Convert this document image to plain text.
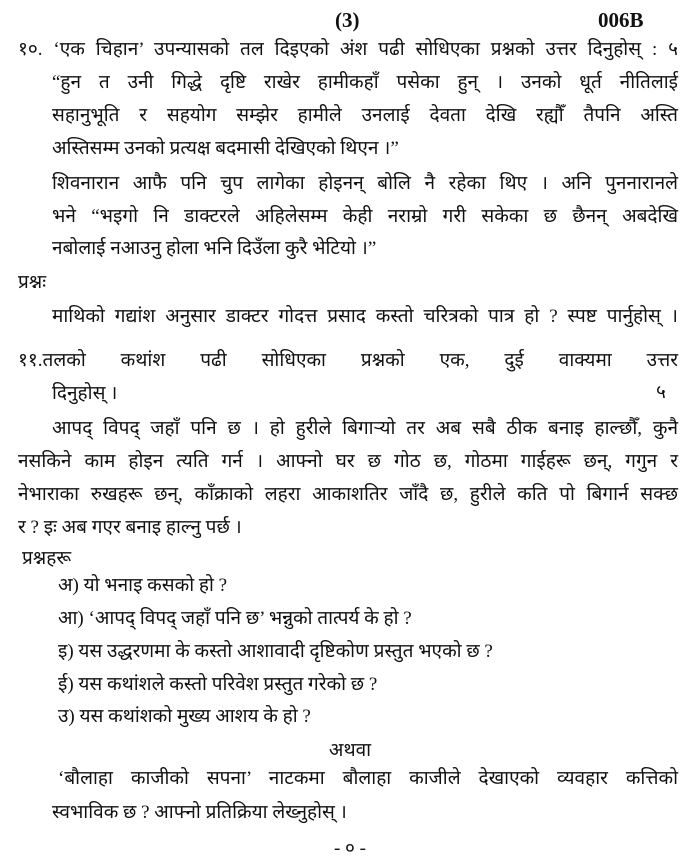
(3)	006B
१०. ‘एक चिहान’ उपन्यासको तल दिइएको अंश पढी सोधिएका प्रश्नको उत्तर दिनुहोस् : ५
“हुन त उनी गिद्धे दृष्टि राखेर हामीकहाँ पसेका हुन् । उनको धूर्त नीतिलाई
सहानुभूति र सहयोग सम्झेर हामीले उनलाई देवता देखि रह्यौँ तैपनि अस्ति
अस्तिसम्म उनको प्रत्यक्ष बदमासी देखिएको थिएन ।”
शिवनारान आफै पनि चुप लागेका होइनन् बोलि नै रहेका थिए । अनि पुननारानले
भने “भइगो नि डाक्टरले अहिलेसम्म केही नराम्रो गरी सकेका छ छैनन् अबदेखि
नबोलाई नआउनु होला भनि दिउँला कुरै भेटियो ।”
प्रश्नः
माथिको गद्यांश अनुसार डाक्टर गोदत्त प्रसाद कस्तो चरित्रको पात्र हो ? स्पष्ट पार्नुहोस् ।
११.तलको कथांश पढी सोधिएका प्रश्नको एक, दुई वाक्यमा उत्तर
दिनुहोस् ।
आपद् विपद् जहाँ पनि छ । हो हुरीले बिगाऱ्यो तर अब सबै ठीक बनाइ हाल्छौँ, कुनै
नसकिने काम होइन त्यति गर्न । आफ्नो घर छ गोठ छ, गोठमा गाईहरू छन्, गगुन र
नेभाराका रुखहरू छन्, काँक्राको लहरा आकाशतिर जाँदै छ, हुरीले कति पो बिगार्न सक्छ
र ? इः अब गएर बनाइ हाल्नु पर्छ ।
प्रश्नहरू
अ) यो भनाइ कसको हो ?
आ) ‘आपद् विपद् जहाँ पनि छ’ भन्नुको तात्पर्य के हो ?
इ) यस उद्धरणमा के कस्तो आशावादी दृष्टिकोण प्रस्तुत भएको छ ?
ई) यस कथांशले कस्तो परिवेश प्रस्तुत गरेको छ ?
उ) यस कथांशको मुख्य आशय के हो ?
अथवा
‘बौलाहा काजीको सपना’ नाटकमा बौलाहा काजीले देखाएको व्यवहार कत्तिको
स्वभाविक छ ? आफ्नो प्रतिक्रिया लेख्नुहोस् ।
- ० -
५
